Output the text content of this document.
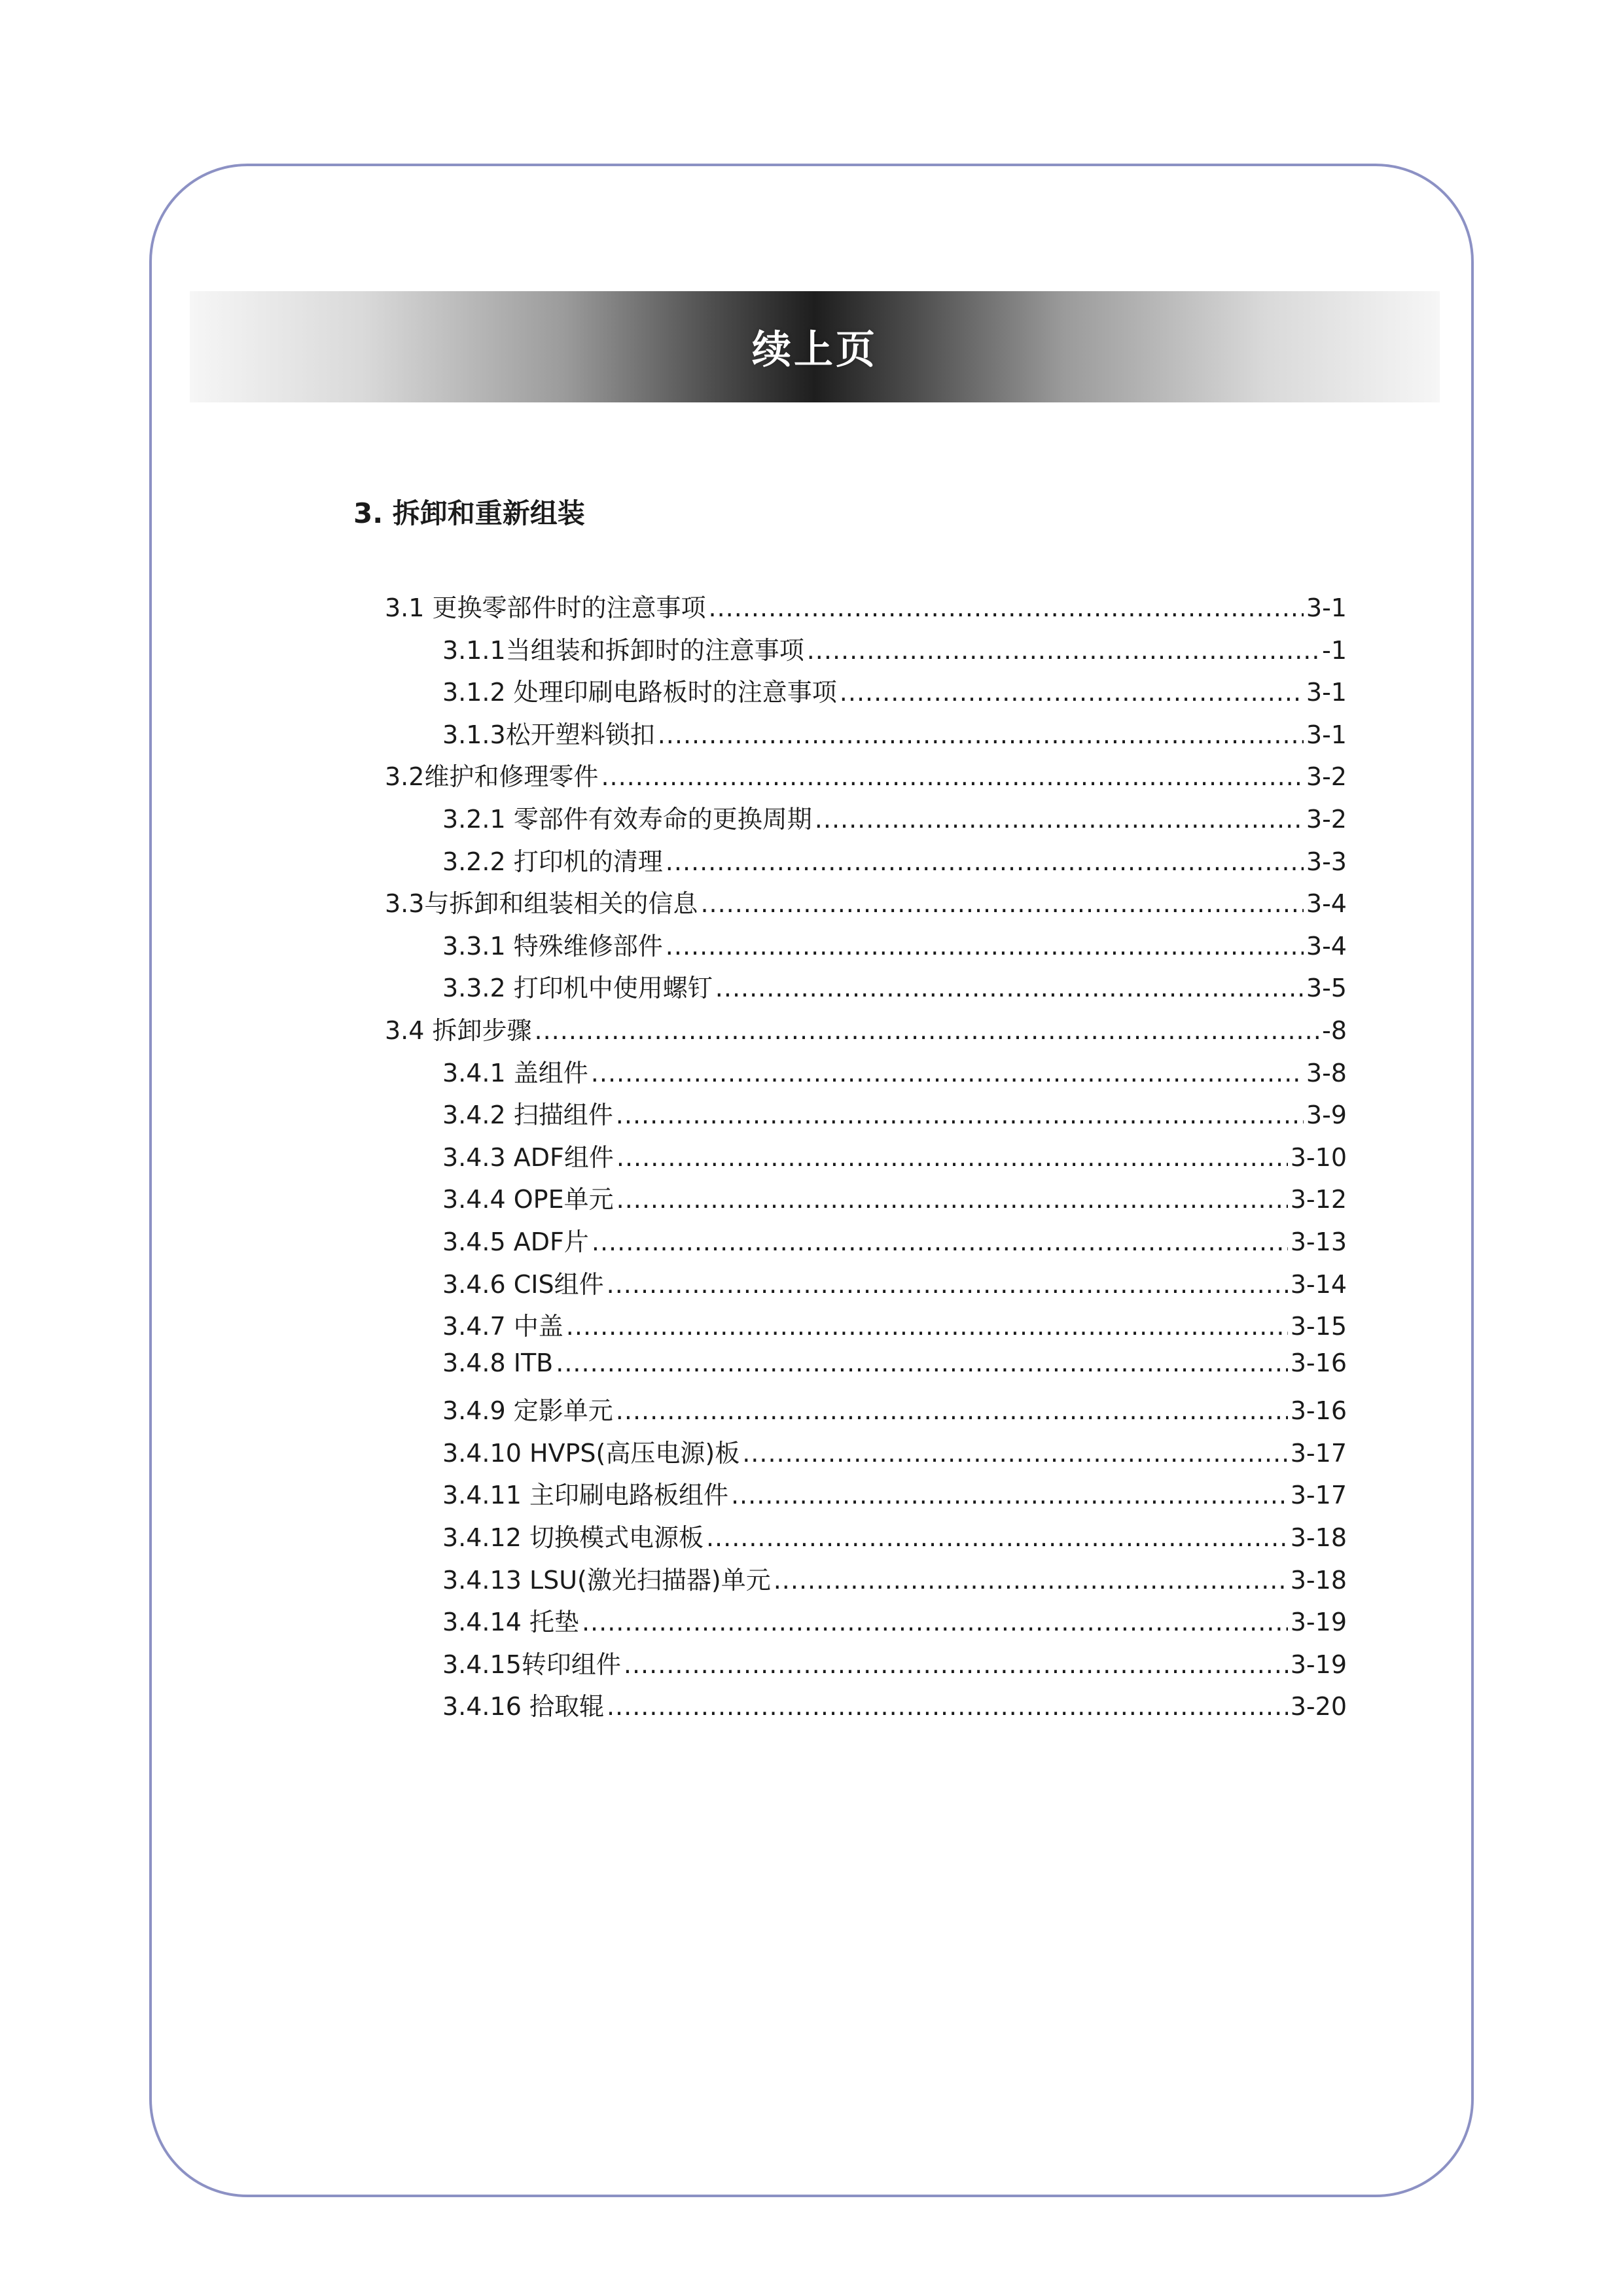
续上页
3. 拆卸和重新组装
3.1 更换零部件时的注意事项 .....	3-1
3.1.1当组装和拆卸时的注意事项 .....	-1
3.1.2 处理印刷电路板时的注意事项 .....	3-1
3.1.3松开塑料锁扣 .....	3-1
3.2维护和修理零件 .....	3-2
3.2.1 零部件有效寿命的更换周期 .....	3-2
3.2.2 打印机的清理 .....	3-3
3.3与拆卸和组装相关的信息 .....	3-4
3.3.1 特殊维修部件 .....	3-4
3.3.2 打印机中使用螺钉 .....	3-5
3.4 拆卸步骤 .....	-8
3.4.1 盖组件 .....	3-8
3.4.2 扫描组件 .....	3-9
3.4.3 ADF组件 .....	3-10
3.4.4 OPE单元 .....	3-12
3.4.5 ADF片 .....	3-13
3.4.6 CIS组件 .....	3-14
3.4.7 中盖 .....	3-15
3.4.8 ITB .....	3-16
3.4.9 定影单元 .....	3-16
3.4.10 HVPS(高压电源)板 .....	3-17
3.4.11 主印刷电路板组件 .....	3-17
3.4.12 切换模式电源板 .....	3-18
3.4.13 LSU(激光扫描器)单元 .....	3-18
3.4.14 托垫 .....	3-19
3.4.15转印组件 .....	3-19
3.4.16 拾取辊 .....	3-20
